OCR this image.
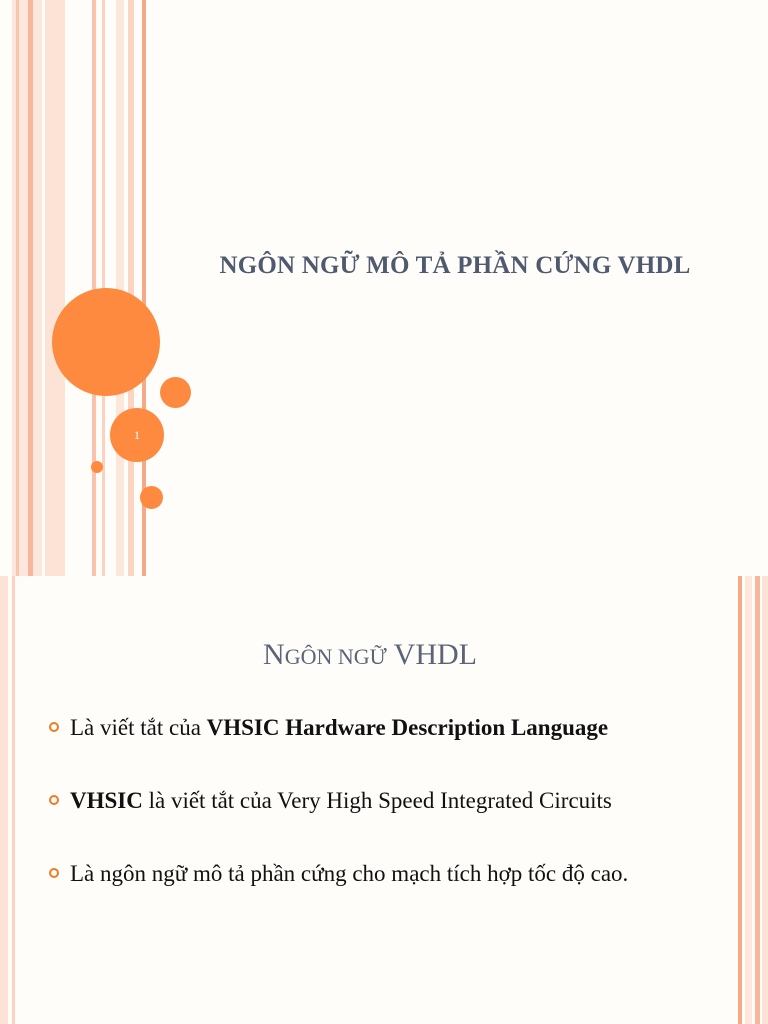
1
NGÔN NGỮ MÔ TẢ PHẦN CỨNG VHDL
NGÔN NGỮ VHDL
Là viết tắt của VHSIC Hardware Description Language
VHSIC là viết tắt của Very High Speed Integrated Circuits
Là ngôn ngữ mô tả phần cứng cho mạch tích hợp tốc độ cao.
